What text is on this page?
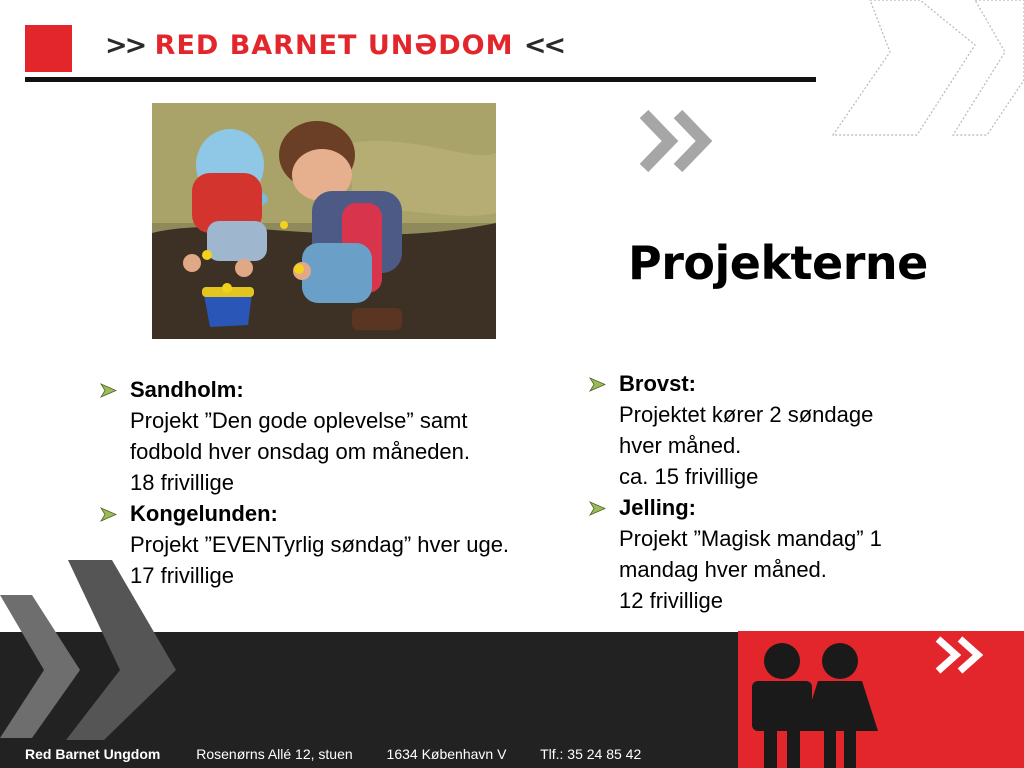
>> RED BARNET UNƏDOM <<
Projekterne
Sandholm:
Projekt ”Den gode oplevelse” samt
fodbold hver onsdag om måneden.
18 frivillige
Kongelunden:
Projekt ”EVENTyrlig søndag” hver uge.
17 frivillige
Brovst:
Projektet kører 2 søndage
hver måned.
ca. 15 frivillige
Jelling:
Projekt ”Magisk mandag” 1
mandag hver måned.
12 frivillige
Red Barnet Ungdom	Rosenørns Allé 12, stuen 1634 København V Tlf.: 35 24 85 42
